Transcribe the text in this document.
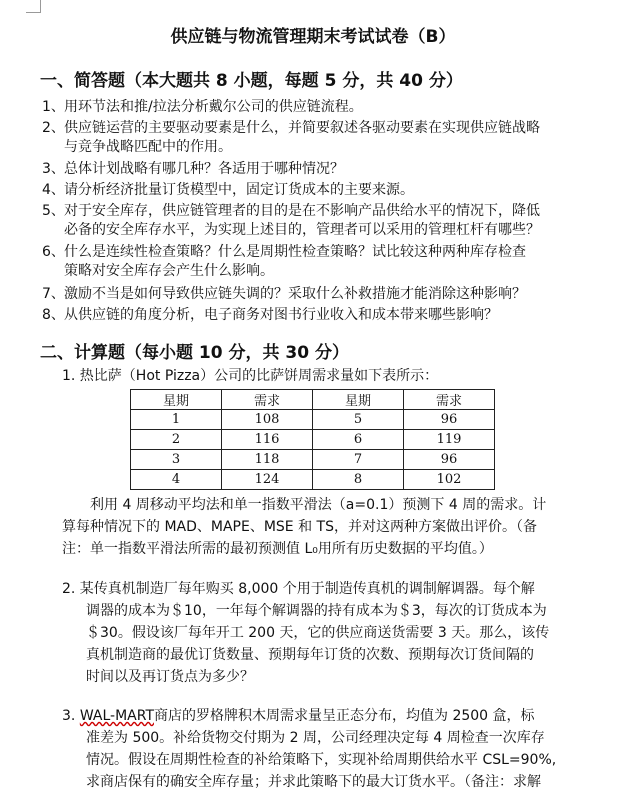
供应链与物流管理期末考试试卷（B）
一、简答题（本大题共 8 小题，每题 5 分，共 40 分）
1、用环节法和推/拉法分析戴尔公司的供应链流程。
2、供应链运营的主要驱动要素是什么，并简要叙述各驱动要素在实现供应链战略
与竞争战略匹配中的作用。
3、总体计划战略有哪几种？各适用于哪种情况？
4、请分析经济批量订货模型中，固定订货成本的主要来源。
5、对于安全库存，供应链管理者的目的是在不影响产品供给水平的情况下，降低
必备的安全库存水平，为实现上述目的，管理者可以采用的管理杠杆有哪些？
6、什么是连续性检查策略？什么是周期性检查策略？试比较这种两种库存检查
策略对安全库存会产生什么影响。
7、激励不当是如何导致供应链失调的？采取什么补救措施才能消除这种影响？
8、从供应链的角度分析，电子商务对图书行业收入和成本带来哪些影响？
二、计算题（每小题 10 分，共 30 分）
1. 热比萨（Hot Pizza）公司的比萨饼周需求量如下表所示：
星期	需求	星期	需求
1	108	5	96
2	116	6	119
3	118	7	96
4	124	8	102
利用 4 周移动平均法和单一指数平滑法（a=0.1）预测下 4 周的需求。计
算每种情况下的 MAD、MAPE、MSE 和 TS，并对这两种方案做出评价。（备
注：单一指数平滑法所需的最初预测值 L₀用所有历史数据的平均值。）
2. 某传真机制造厂每年购买 8,000 个用于制造传真机的调制解调器。每个解
调器的成本为＄10，一年每个解调器的持有成本为＄3，每次的订货成本为
＄30。假设该厂每年开工 200 天，它的供应商送货需要 3 天。那么，该传
真机制造商的最优订货数量、预期每年订货的次数、预期每次订货间隔的
时间以及再订货点为多少？
3. WAL-MART商店的罗格牌积木周需求量呈正态分布，均值为 2500 盒，标
准差为 500。补给货物交付期为 2 周，公司经理决定每 4 周检查一次库存
情况。假设在周期性检查的补给策略下，实现补给周期供给水平 CSL=90%,
求商店保有的确安全库存量；并求此策略下的最大订货水平。（备注：求解
